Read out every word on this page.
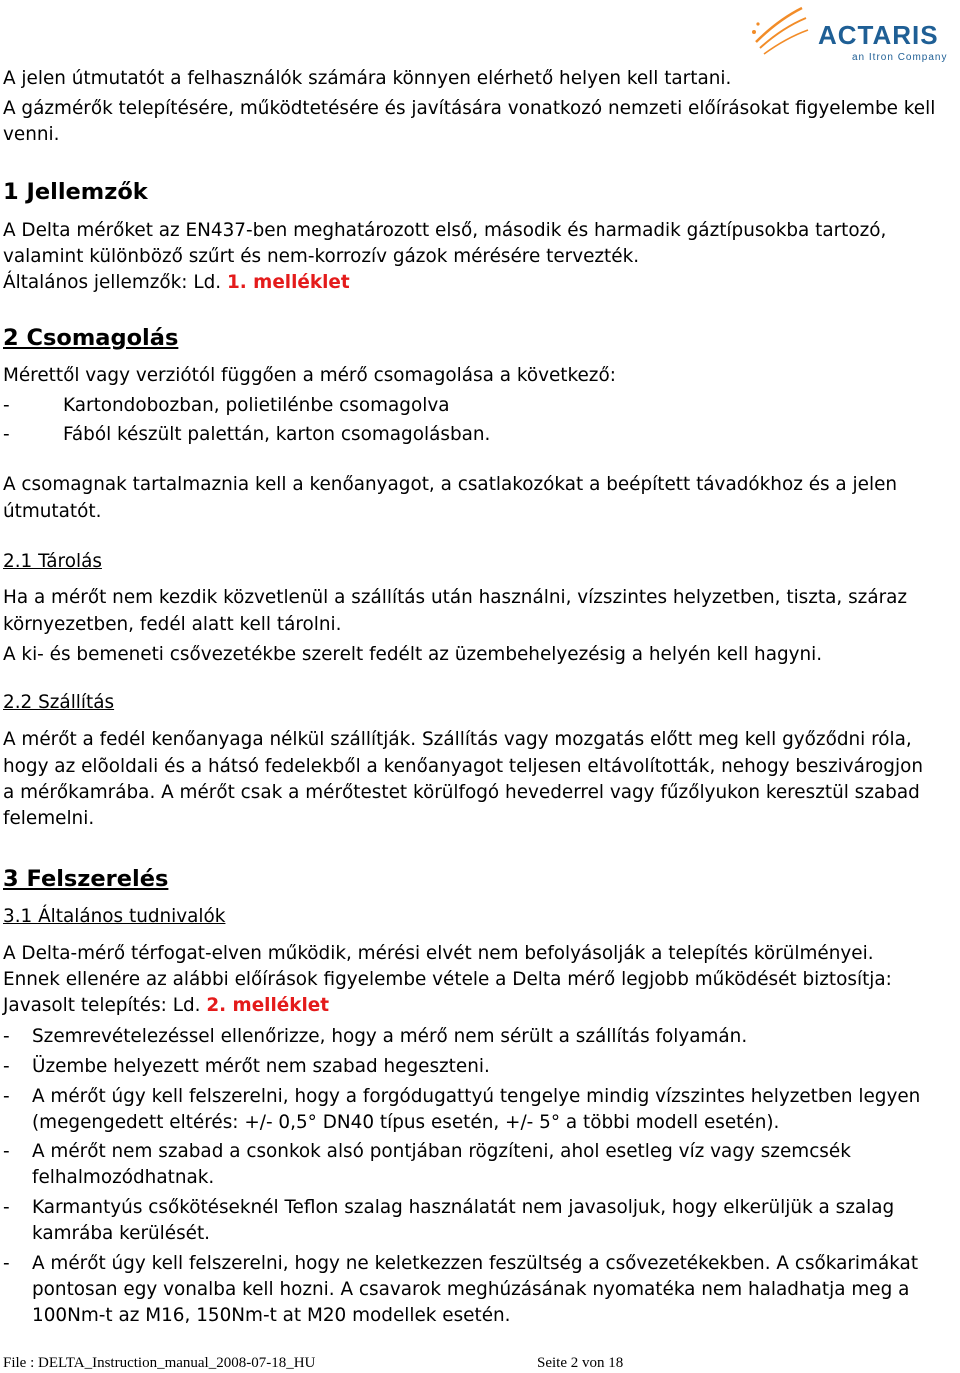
ACTARIS
an Itron Company
A jelen útmutatót a felhasználók számára könnyen elérhető helyen kell tartani.
A gázmérők telepítésére, működtetésére és javítására vonatkozó nemzeti előírásokat figyelembe kell
venni.
1 Jellemzők
A Delta mérőket az EN437-ben meghatározott első, második és harmadik gáztípusokba tartozó,
valamint különböző szűrt és nem-korrozív gázok mérésére tervezték.
Általános jellemzők: Ld. 1. melléklet
2 Csomagolás
Mérettől vagy verziótól függően a mérő csomagolása a következő:
-	Kartondobozban, polietilénbe csomagolva
-	Fából készült palettán, karton csomagolásban.
A csomagnak tartalmaznia kell a kenőanyagot, a csatlakozókat a beépített távadókhoz és a jelen
útmutatót.
2.1 Tárolás
Ha a mérőt nem kezdik közvetlenül a szállítás után használni, vízszintes helyzetben, tiszta, száraz
környezetben, fedél alatt kell tárolni.
A ki- és bemeneti csővezetékbe szerelt fedélt az üzembehelyezésig a helyén kell hagyni.
2.2 Szállítás
A mérőt a fedél kenőanyaga nélkül szállítják. Szállítás vagy mozgatás előtt meg kell győződni róla,
hogy az elõoldali és a hátsó fedelekből a kenőanyagot teljesen eltávolították, nehogy beszivárogjon
a mérőkamrába. A mérőt csak a mérőtestet körülfogó hevederrel vagy fűzőlyukon keresztül szabad
felemelni.
3 Felszerelés
3.1 Általános tudnivalók
A Delta-mérő térfogat-elven működik, mérési elvét nem befolyásolják a telepítés körülményei.
Ennek ellenére az alábbi előírások figyelembe vétele a Delta mérő legjobb működését biztosítja:
Javasolt telepítés: Ld. 2. melléklet
- Szemrevételezéssel ellenőrizze, hogy a mérő nem sérült a szállítás folyamán.
- Üzembe helyezett mérőt nem szabad hegeszteni.
- A mérőt úgy kell felszerelni, hogy a forgódugattyú tengelye mindig vízszintes helyzetben legyen
(megengedett eltérés: +/- 0,5° DN40 típus esetén, +/- 5° a többi modell esetén).
- A mérőt nem szabad a csonkok alsó pontjában rögzíteni, ahol esetleg víz vagy szemcsék
felhalmozódhatnak.
- Karmantyús csőkötéseknél Teflon szalag használatát nem javasoljuk, hogy elkerüljük a szalag
kamrába kerülését.
- A mérőt úgy kell felszerelni, hogy ne keletkezzen feszültség a csővezetékekben. A csőkarimákat
pontosan egy vonalba kell hozni. A csavarok meghúzásának nyomatéka nem haladhatja meg a
100Nm-t az M16, 150Nm-t at M20 modellek esetén.
File : DELTA_Instruction_manual_2008-07-18_HU	Seite 2 von 18
